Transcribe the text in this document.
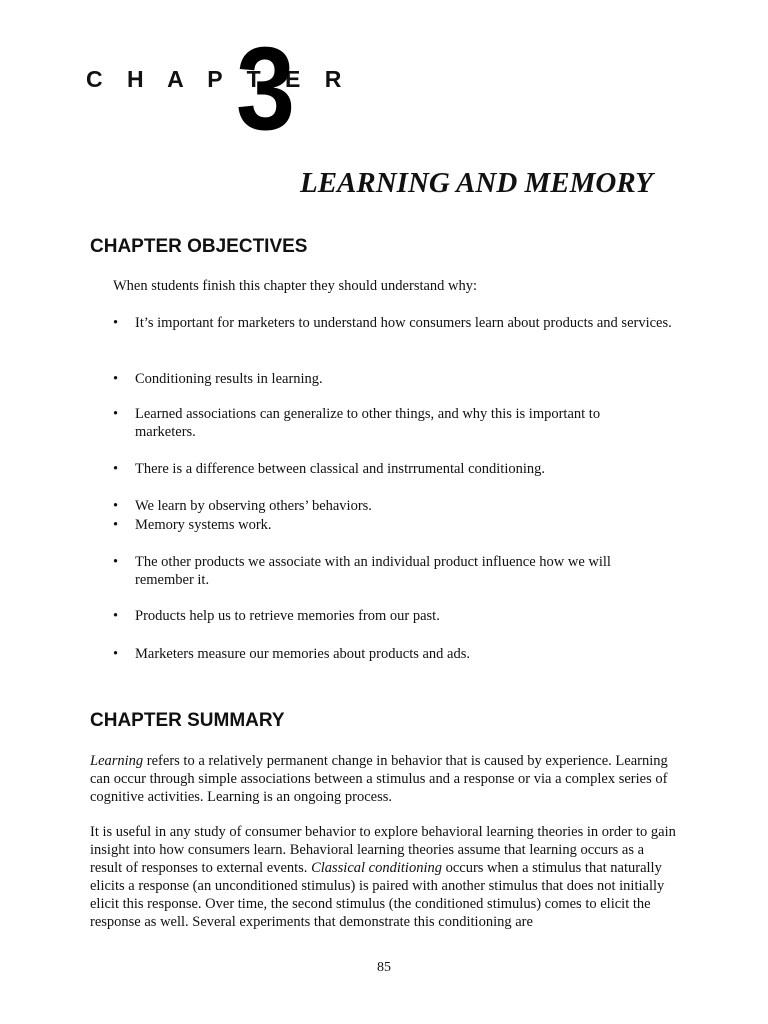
C H A P T E R
3
LEARNING AND MEMORY
CHAPTER OBJECTIVES
When students finish this chapter they should understand why:
•	It’s important for marketers to understand how consumers learn about products and services.
•	Conditioning results in learning.
•	Learned associations can generalize to other things, and why this is important to marketers.
•	There is a difference between classical and instrrumental conditioning.
•	We learn by observing others’ behaviors.
•	Memory systems work.
•	The other products we associate with an individual product influence how we will remember it.
•	Products help us to retrieve memories from our past.
•	Marketers measure our memories about products and ads.
CHAPTER SUMMARY
Learning refers to a relatively permanent change in behavior that is caused by experience. Learning can occur through simple associations between a stimulus and a response or via a complex series of cognitive activities. Learning is an ongoing process.
It is useful in any study of consumer behavior to explore behavioral learning theories in order to gain insight into how consumers learn. Behavioral learning theories assume that learning occurs as a result of responses to external events. Classical conditioning occurs when a stimulus that naturally elicits a response (an unconditioned stimulus) is paired with another stimulus that does not initially elicit this response. Over time, the second stimulus (the conditioned stimulus) comes to elicit the response as well. Several experiments that demonstrate this conditioning are
85
